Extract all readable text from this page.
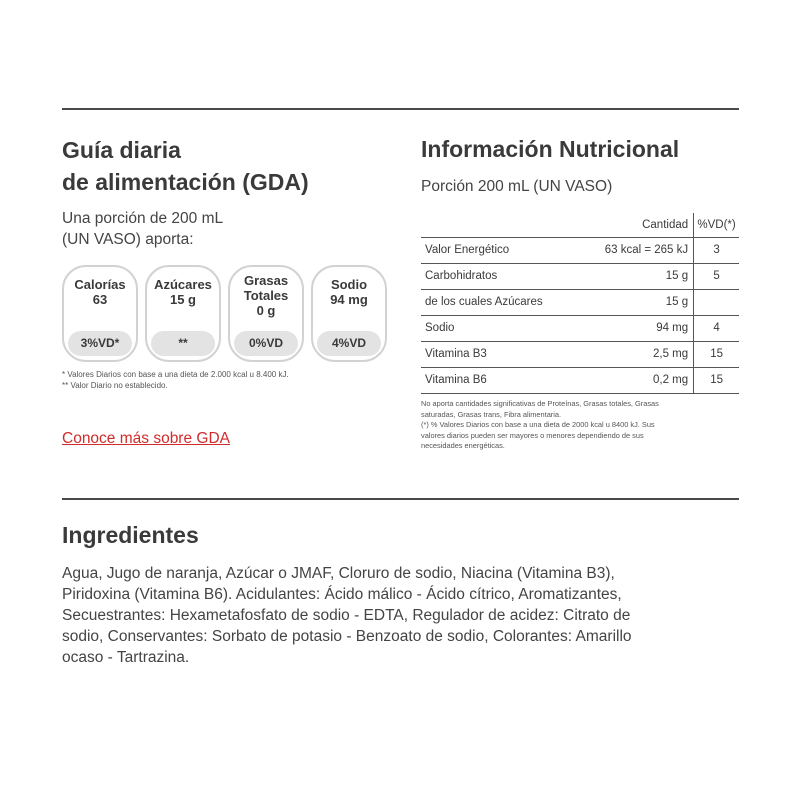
Guía diaria
de alimentación (GDA)
Una porción de 200 mL
(UN VASO) aporta:
Calorías
63
3%VD*
Azúcares
15 g
**
Grasas
Totales
0 g
0%VD
Sodio
94 mg
4%VD
* Valores Diarios con base a una dieta de 2.000 kcal u 8.400 kJ.
** Valor Diario no establecido.
Conoce más sobre GDA
Información Nutricional
Porción 200 mL (UN VASO)
Cantidad %VD(*)
Valor Energético	63 kcal = 265 kJ	3
Carbohidratos	15 g	5
de los cuales Azúcares	15 g
Sodio	94 mg	4
Vitamina B3	2,5 mg	15
Vitamina B6	0,2 mg	15
No aporta cantidades significativas de Proteínas, Grasas totales, Grasas
saturadas, Grasas trans, Fibra alimentaria.
(*) % Valores Diarios con base a una dieta de 2000 kcal u 8400 kJ. Sus
valores diarios pueden ser mayores o menores dependiendo de sus
necesidades energéticas.
Ingredientes
Agua, Jugo de naranja, Azúcar o JMAF, Cloruro de sodio, Niacina (Vitamina B3),
Piridoxina (Vitamina B6). Acidulantes: Ácido málico - Ácido cítrico, Aromatizantes,
Secuestrantes: Hexametafosfato de sodio - EDTA, Regulador de acidez: Citrato de
sodio, Conservantes: Sorbato de potasio - Benzoato de sodio, Colorantes: Amarillo
ocaso - Tartrazina.
